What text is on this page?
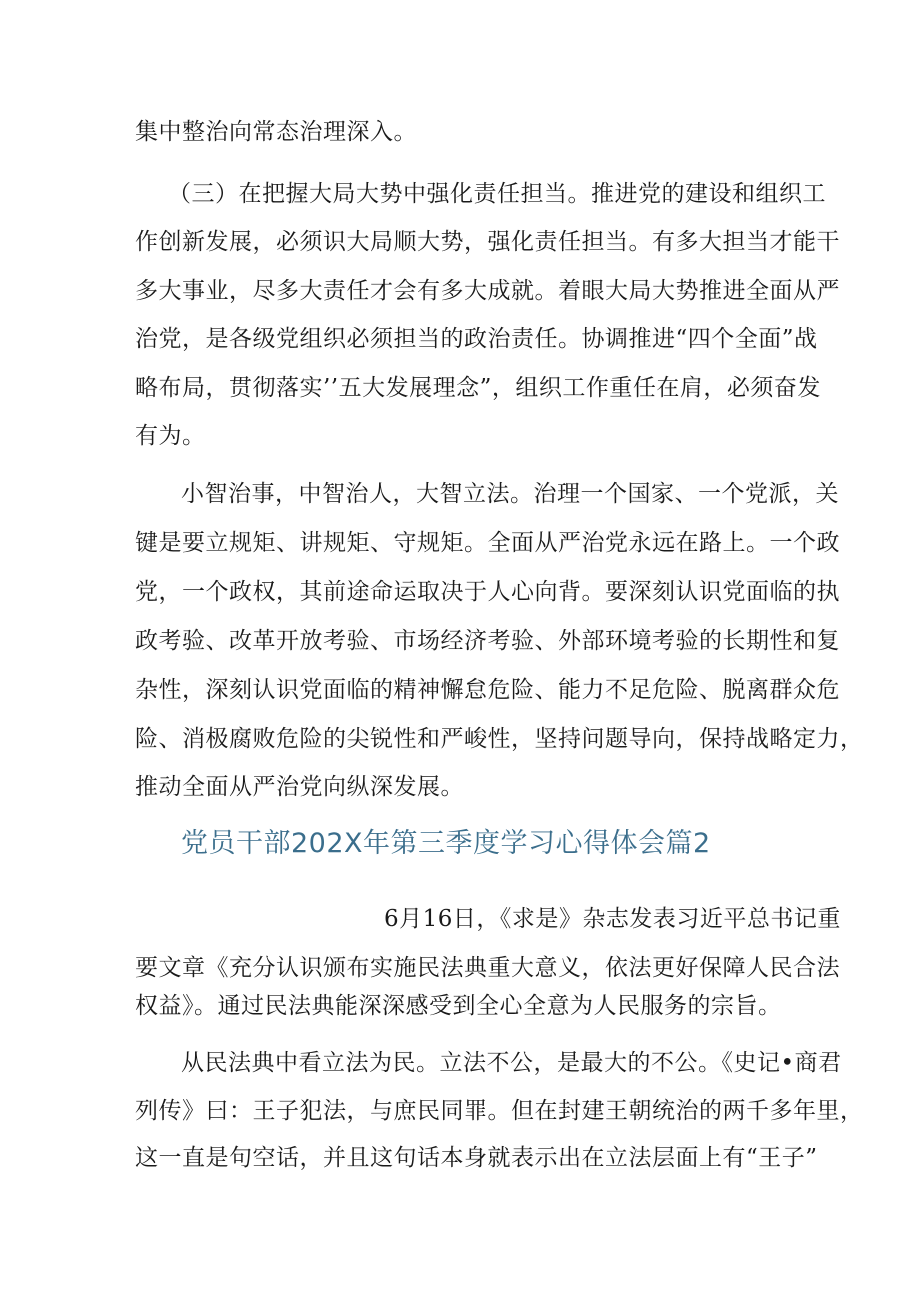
集中整治向常态治理深入。
（三）在把握大局大势中强化责任担当。推进党的建设和组织工
作创新发展，必须识大局顺大势，强化责任担当。有多大担当才能干
多大事业，尽多大责任才会有多大成就。着眼大局大势推进全面从严
治党，是各级党组织必须担当的政治责任。协调推进“四个全面”战
略布局，贯彻落实’’五大发展理念”，组织工作重任在肩，必须奋发
有为。
小智治事，中智治人，大智立法。治理一个国家、一个党派，关
键是要立规矩、讲规矩、守规矩。全面从严治党永远在路上。一个政
党，一个政权，其前途命运取决于人心向背。要深刻认识党面临的执
政考验、改革开放考验、市场经济考验、外部环境考验的长期性和复
杂性，深刻认识党面临的精神懈怠危险、能力不足危险、脱离群众危
险、消极腐败危险的尖锐性和严峻性，坚持问题导向，保持战略定力，
推动全面从严治党向纵深发展。
党员干部202X年第三季度学习心得体会篇2
6月16日，《求是》杂志发表习近平总书记重
要文章《充分认识颁布实施民法典重大意义，依法更好保障人民合法
权益》。通过民法典能深深感受到全心全意为人民服务的宗旨。
从民法典中看立法为民。立法不公，是最大的不公。《史记•商君
列传》曰：王子犯法，与庶民同罪。但在封建王朝统治的两千多年里，
这一直是句空话，并且这句话本身就表示出在立法层面上有“王子”
